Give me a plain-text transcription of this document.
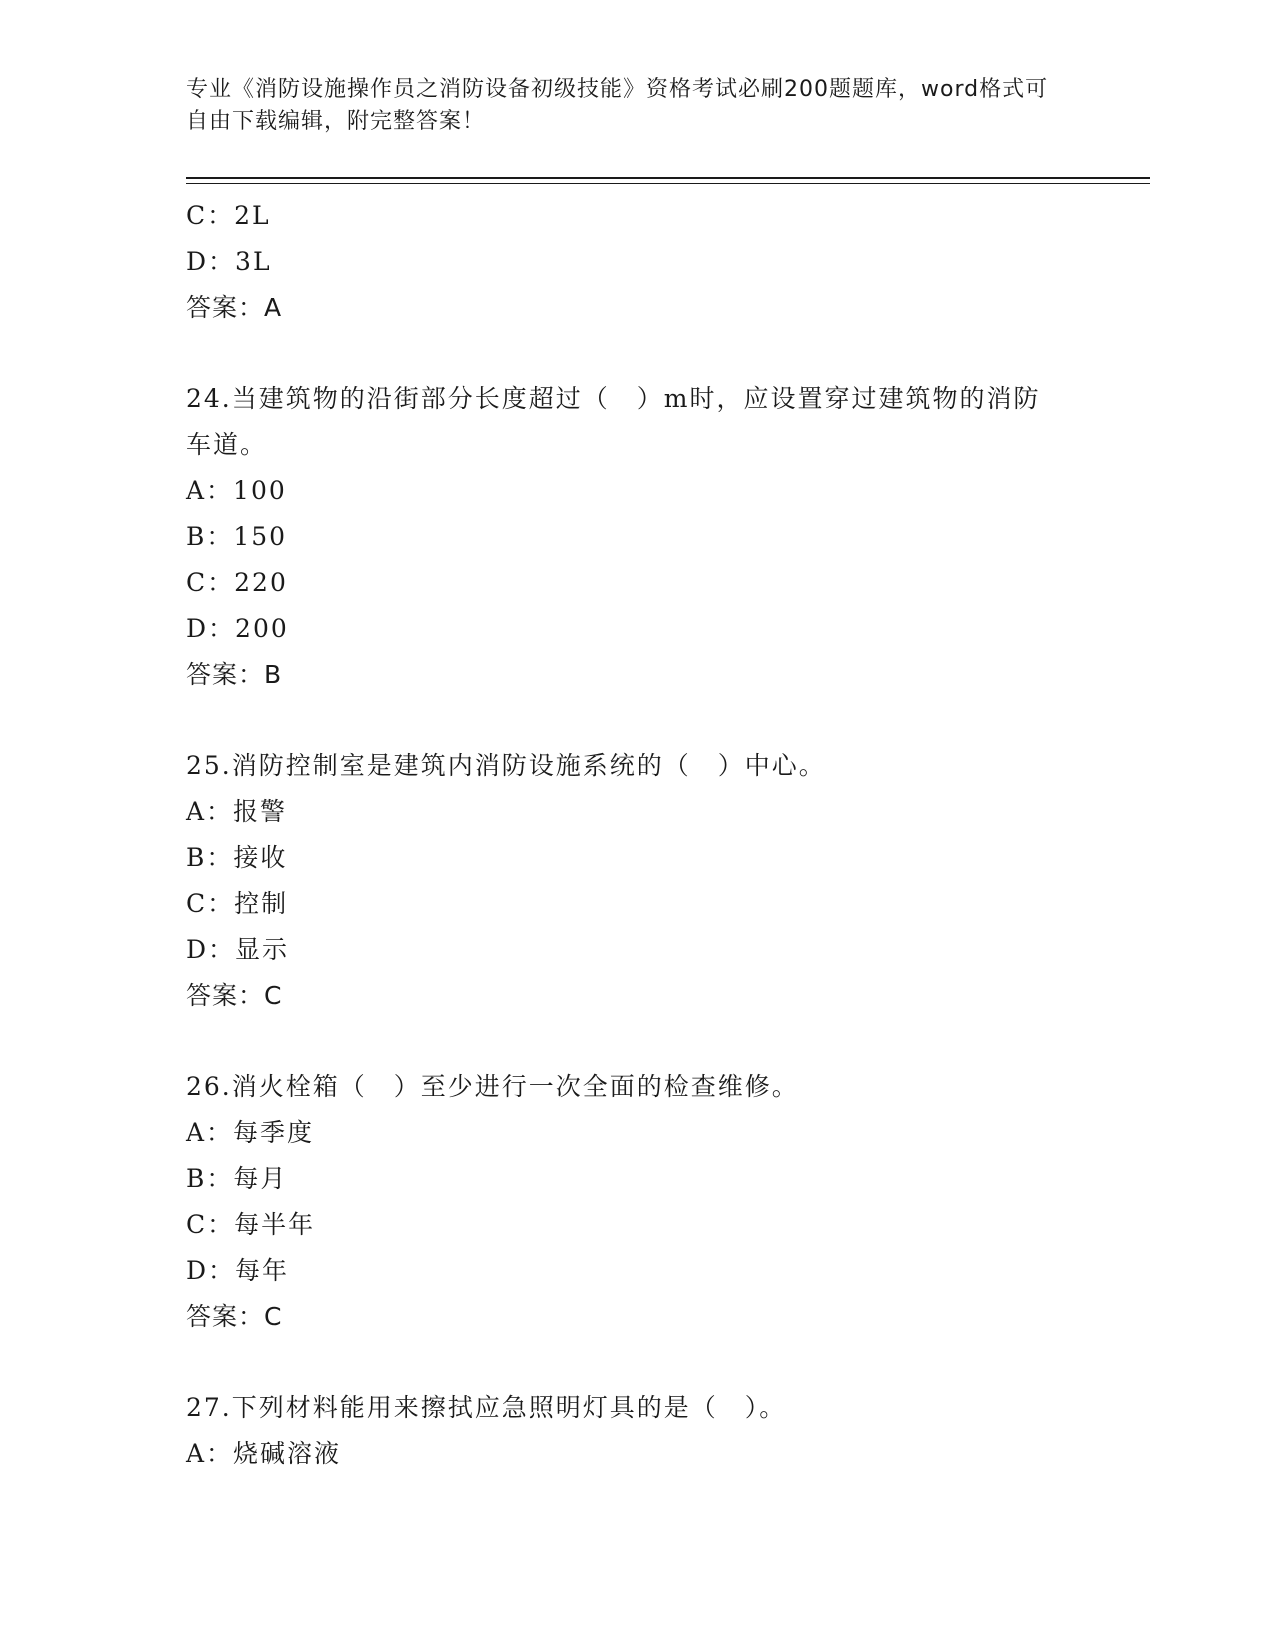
专业《消防设施操作员之消防设备初级技能》资格考试必刷200题题库，word格式可自由下载编辑，附完整答案！
C：2L
D：3L
答案：A
24.当建筑物的沿街部分长度超过（　）m时，应设置穿过建筑物的消防车道。
A：100
B：150
C：220
D：200
答案：B
25.消防控制室是建筑内消防设施系统的（　）中心。
A：报警
B：接收
C：控制
D：显示
答案：C
26.消火栓箱（　）至少进行一次全面的检查维修。
A：每季度
B：每月
C：每半年
D：每年
答案：C
27.下列材料能用来擦拭应急照明灯具的是（　）。
A：烧碱溶液
